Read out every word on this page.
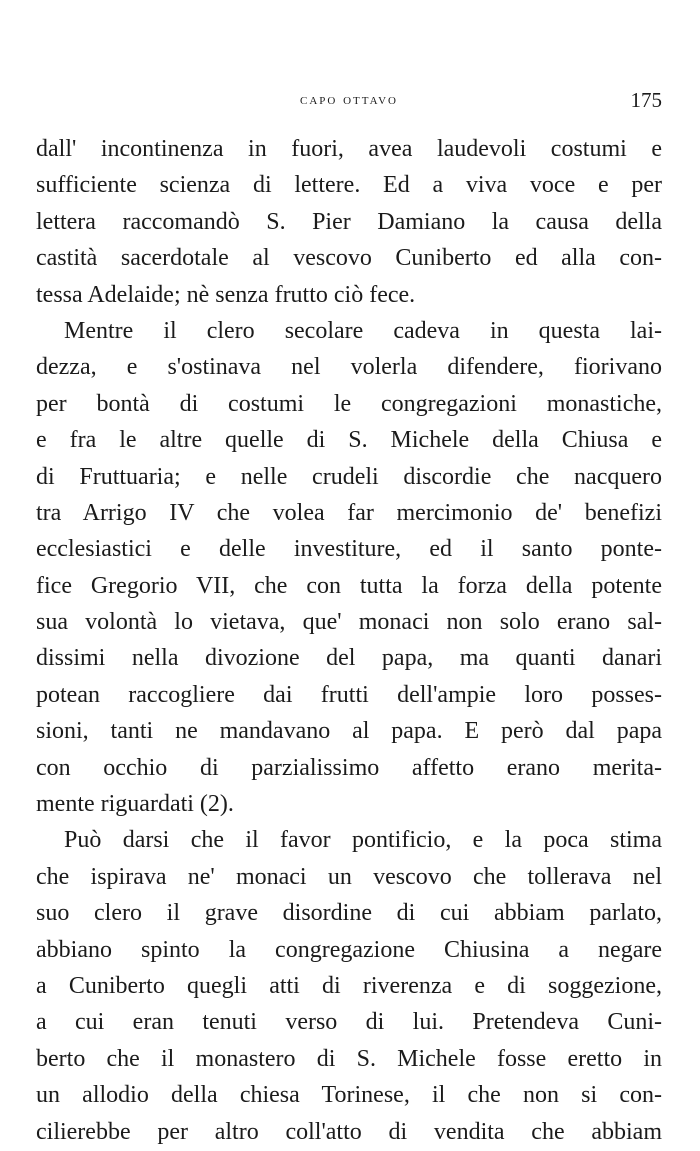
capo ottavo	175
dall' incontinenza in fuori, avea laudevoli costumi e
sufficiente scienza di lettere. Ed a viva voce e per
lettera raccomandò S. Pier Damiano la causa della
castità sacerdotale al vescovo Cuniberto ed alla con-
tessa Adelaide; nè senza frutto ciò fece.
Mentre il clero secolare cadeva in questa lai-
dezza, e s'ostinava nel volerla difendere, fiorivano
per bontà di costumi le congregazioni monastiche,
e fra le altre quelle di S. Michele della Chiusa e
di Fruttuaria; e nelle crudeli discordie che nacquero
tra Arrigo IV che volea far mercimonio de' benefizi
ecclesiastici e delle investiture, ed il santo ponte-
fice Gregorio VII, che con tutta la forza della potente
sua volontà lo vietava, que' monaci non solo erano sal-
dissimi nella divozione del papa, ma quanti danari
potean raccogliere dai frutti dell'ampie loro posses-
sioni, tanti ne mandavano al papa. E però dal papa
con occhio di parzialissimo affetto erano merita-
mente riguardati (2).
Può darsi che il favor pontificio, e la poca stima
che ispirava ne' monaci un vescovo che tollerava nel
suo clero il grave disordine di cui abbiam parlato,
abbiano spinto la congregazione Chiusina a negare
a Cuniberto quegli atti di riverenza e di soggezione,
a cui eran tenuti verso di lui. Pretendeva Cuni-
berto che il monastero di S. Michele fosse eretto in
un allodio della chiesa Torinese, il che non si con-
cilierebbe per altro coll'atto di vendita che abbiam
